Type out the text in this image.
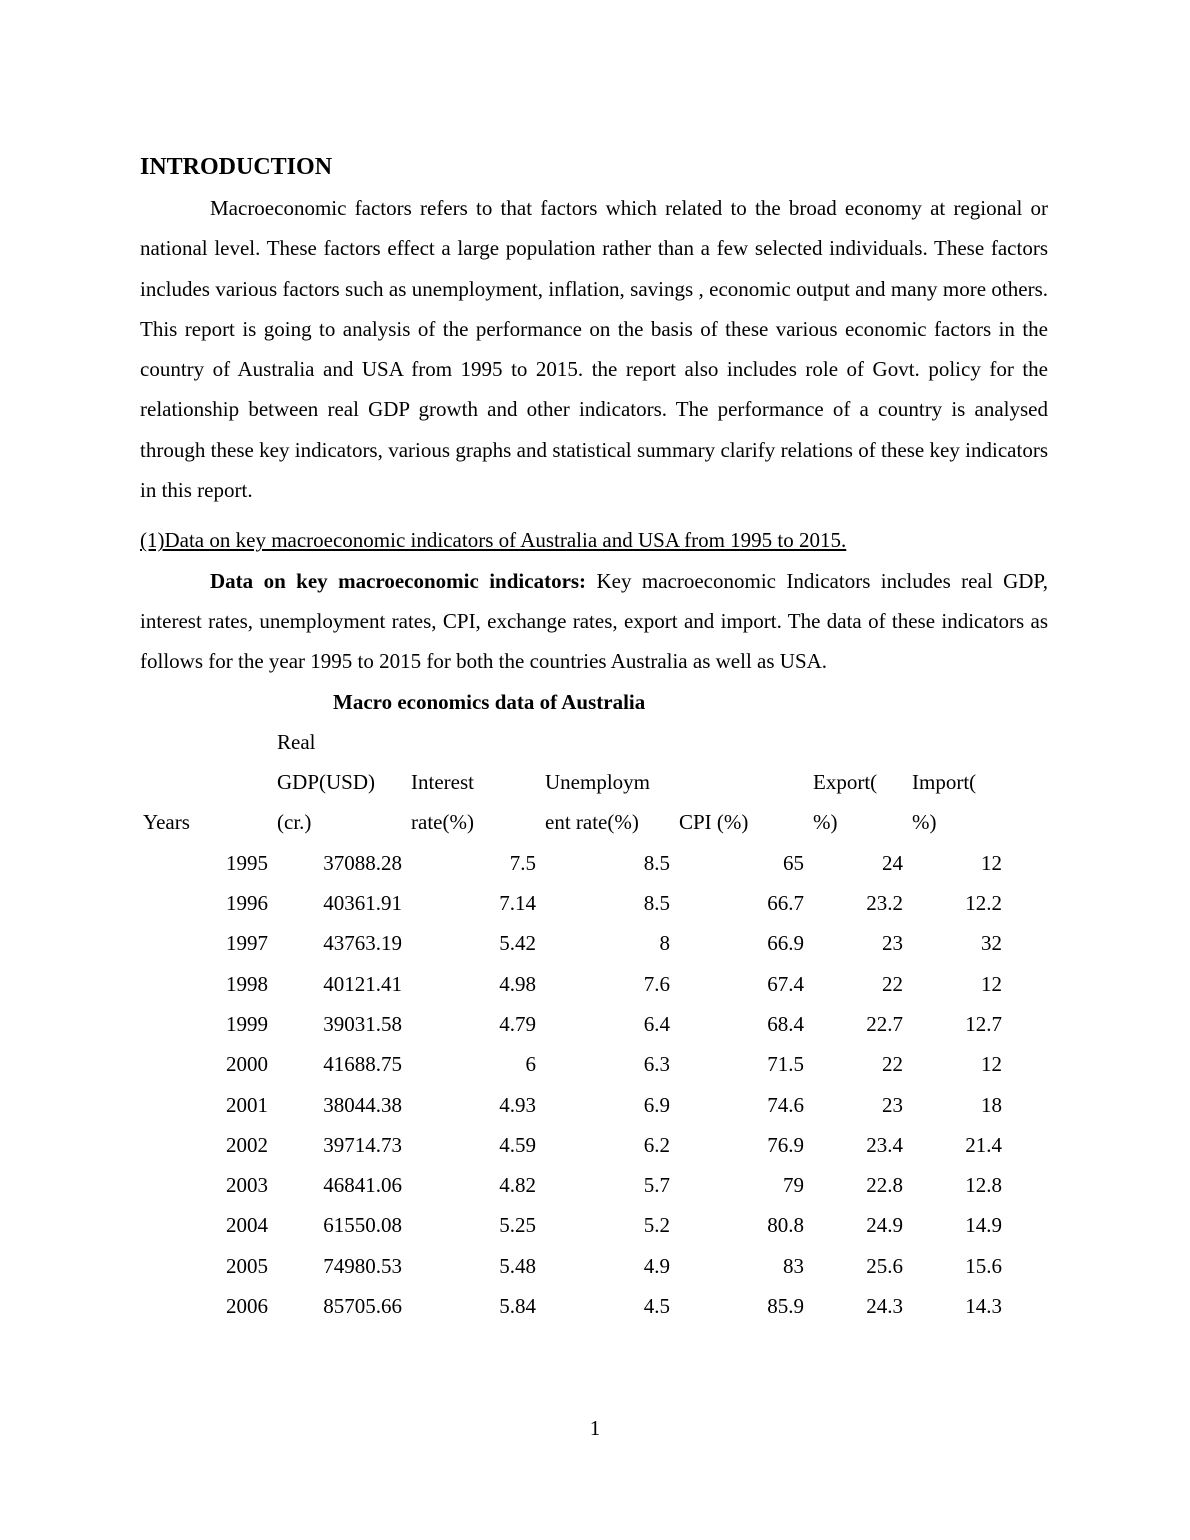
INTRODUCTION

Macroeconomic factors refers to that factors which related to the broad economy at regional or national level. These factors effect a large population rather than a few selected individuals. These factors includes various factors such as unemployment, inflation, savings , economic output and many more others. This report is going to analysis of the performance on the basis of these various economic factors in the country of Australia and USA from 1995 to 2015. the report also includes role of Govt. policy for the relationship between real GDP growth and other indicators. The performance of a country is analysed through these key indicators, various graphs and statistical summary clarify relations of these key indicators in this report.

(1)Data on key macroeconomic indicators of Australia and USA from 1995 to 2015.

Data on key macroeconomic indicators: Key macroeconomic Indicators includes real GDP, interest rates, unemployment rates, CPI, exchange rates, export and import. The data of these indicators as follows for the year 1995 to 2015 for both the countries Australia as well as USA.

Macro economics data of Australia

Years	Real GDP(USD) (cr.)	Interest rate(%)	Unemploym ent rate(%)	CPI (%)	Export( %)	Import( %)
1995	37088.28	7.5	8.5	65	24	12
1996	40361.91	7.14	8.5	66.7	23.2	12.2
1997	43763.19	5.42	8	66.9	23	32
1998	40121.41	4.98	7.6	67.4	22	12
1999	39031.58	4.79	6.4	68.4	22.7	12.7
2000	41688.75	6	6.3	71.5	22	12
2001	38044.38	4.93	6.9	74.6	23	18
2002	39714.73	4.59	6.2	76.9	23.4	21.4
2003	46841.06	4.82	5.7	79	22.8	12.8
2004	61550.08	5.25	5.2	80.8	24.9	14.9
2005	74980.53	5.48	4.9	83	25.6	15.6
2006	85705.66	5.84	4.5	85.9	24.3	14.3
1
